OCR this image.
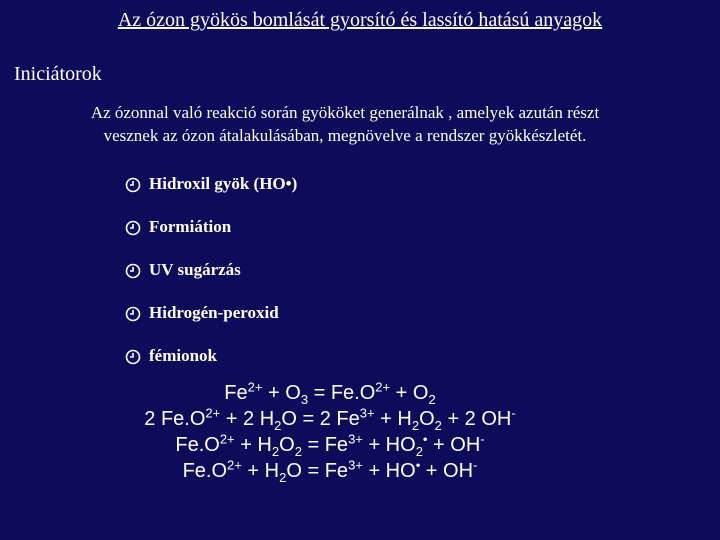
Az ózon gyökös bomlását gyorsító és lassító hatású anyagok
Iniciátorok
Az ózonnal való reakció során gyököket generálnak , amelyek azután részt
vesznek az ózon átalakulásában, megnövelve a rendszer gyökkészletét.
Hidroxil gyök (HO•)
Formiátion
UV sugárzás
Hidrogén-peroxid
fémionok
$Fe^{2+} + O_3 = Fe.O^{2+} + O_2$
2 $Fe.O^{2+} + 2$ $H_2O = 2$ $Fe^{3+} + H_2O_2 + 2$ OH-
$Fe.O^{2+} + H_2O_2 = Fe^{3+} + HO_2^• + OH^-$
$Fe.O^{2+} + H_2O = Fe^{3+} + HO^• + OH^-$
